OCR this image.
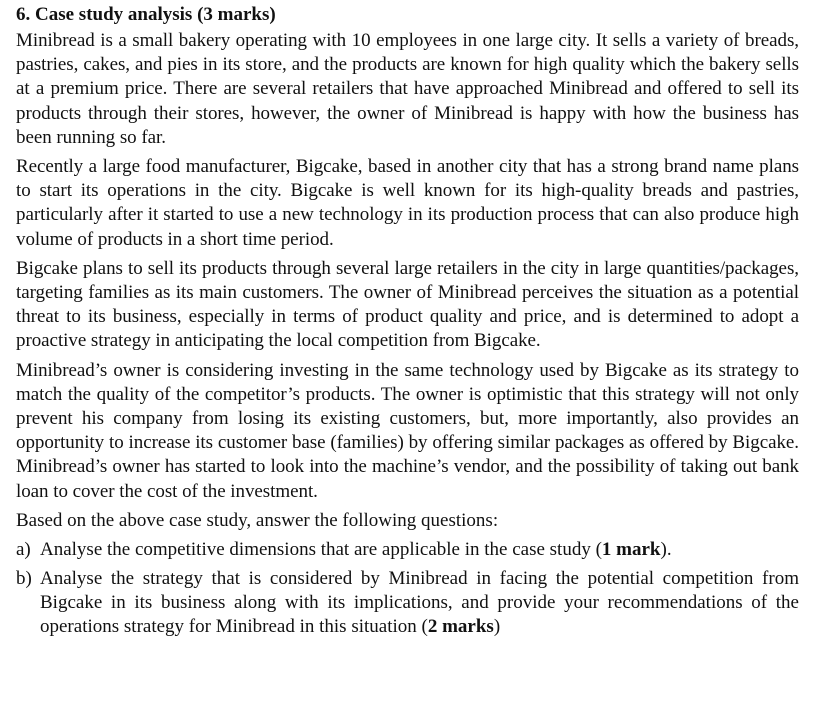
6. Case study analysis (3 marks)

Minibread is a small bakery operating with 10 employees in one large city. It sells a variety of breads, pastries, cakes, and pies in its store, and the products are known for high quality which the bakery sells at a premium price. There are several retailers that have approached Minibread and offered to sell its products through their stores, however, the owner of Minibread is happy with how the business has been running so far.

Recently a large food manufacturer, Bigcake, based in another city that has a strong brand name plans to start its operations in the city. Bigcake is well known for its high-quality breads and pastries, particularly after it started to use a new technology in its production process that can also produce high volume of products in a short time period.

Bigcake plans to sell its products through several large retailers in the city in large quantities/packages, targeting families as its main customers. The owner of Minibread perceives the situation as a potential threat to its business, especially in terms of product quality and price, and is determined to adopt a proactive strategy in anticipating the local competition from Bigcake.

Minibread’s owner is considering investing in the same technology used by Bigcake as its strategy to match the quality of the competitor’s products. The owner is optimistic that this strategy will not only prevent his company from losing its existing customers, but, more importantly, also provides an opportunity to increase its customer base (families) by offering similar packages as offered by Bigcake. Minibread’s owner has started to look into the machine’s vendor, and the possibility of taking out bank loan to cover the cost of the investment.

Based on the above case study, answer the following questions:

a) Analyse the competitive dimensions that are applicable in the case study (1 mark).

b) Analyse the strategy that is considered by Minibread in facing the potential competition from Bigcake in its business along with its implications, and provide your recommendations of the operations strategy for Minibread in this situation (2 marks)
